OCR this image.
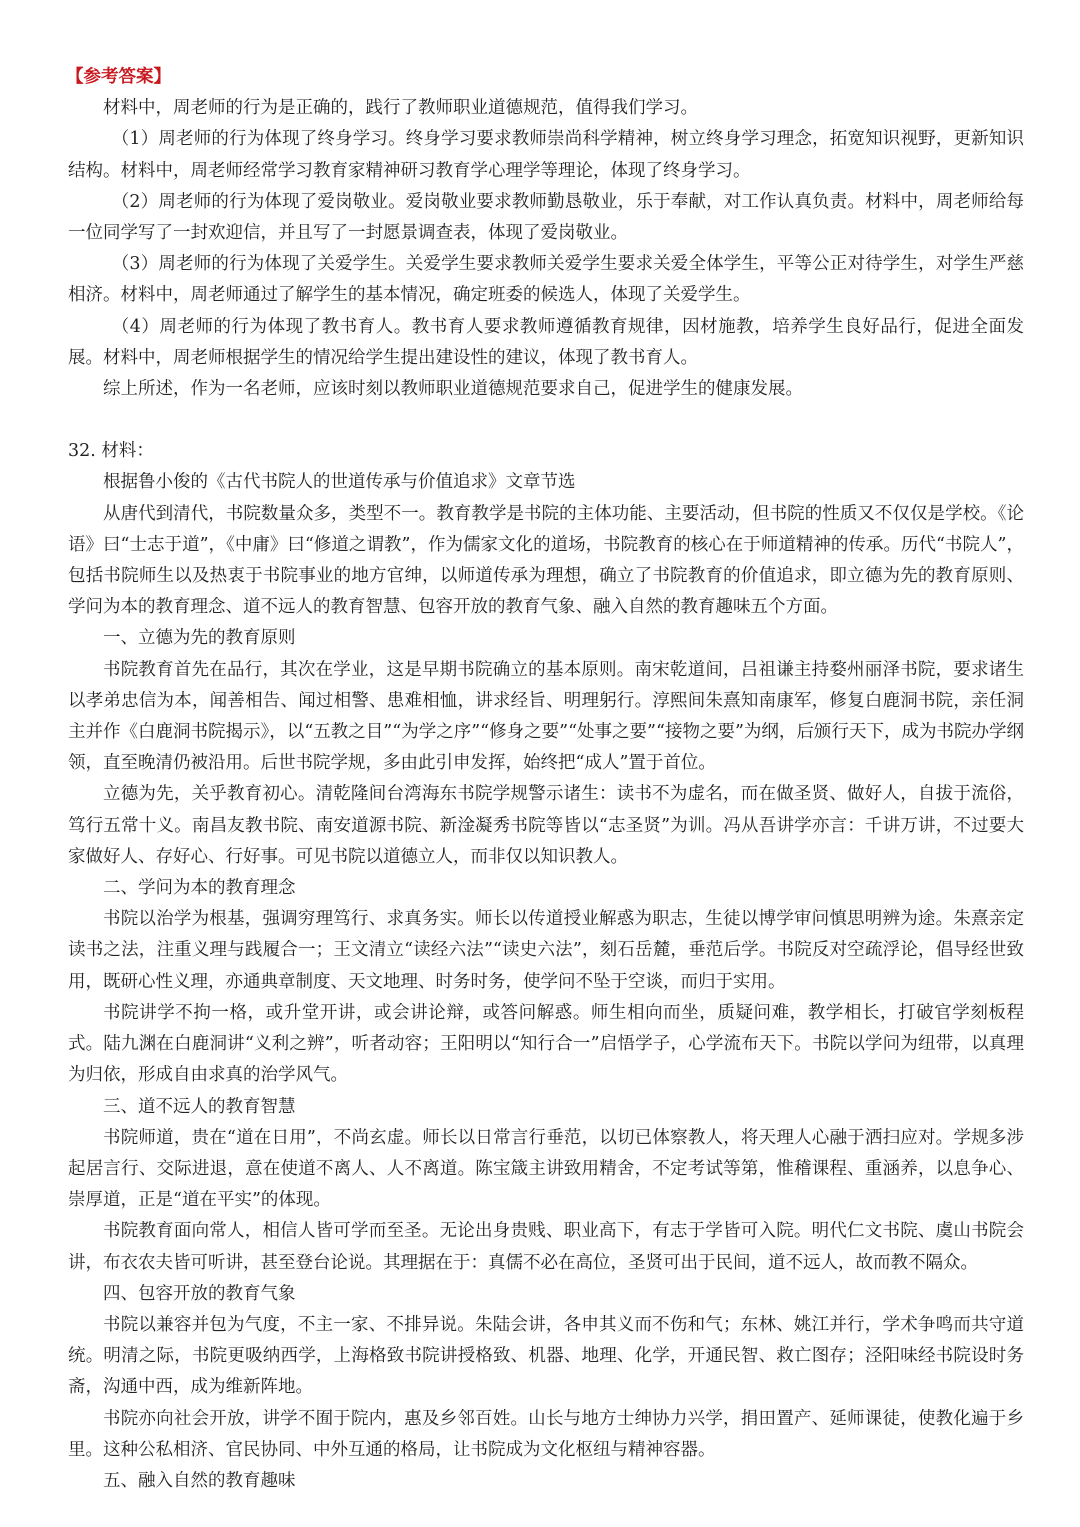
【参考答案】

材料中，周老师的行为是正确的，践行了教师职业道德规范，值得我们学习。

（1）周老师的行为体现了终身学习。终身学习要求教师崇尚科学精神，树立终身学习理念，拓宽知识视野，更新知识结构。材料中，周老师经常学习教育家精神研习教育学心理学等理论，体现了终身学习。

（2）周老师的行为体现了爱岗敬业。爱岗敬业要求教师勤恳敬业，乐于奉献，对工作认真负责。材料中，周老师给每一位同学写了一封欢迎信，并且写了一封愿景调查表，体现了爱岗敬业。

（3）周老师的行为体现了关爱学生。关爱学生要求教师关爱学生要求关爱全体学生，平等公正对待学生，对学生严慈相济。材料中，周老师通过了解学生的基本情况，确定班委的候选人，体现了关爱学生。

（4）周老师的行为体现了教书育人。教书育人要求教师遵循教育规律，因材施教，培养学生良好品行，促进全面发展。材料中，周老师根据学生的情况给学生提出建设性的建议，体现了教书育人。

综上所述，作为一名老师，应该时刻以教师职业道德规范要求自己，促进学生的健康发展。

32. 材料：

根据鲁小俊的《古代书院人的世道传承与价值追求》文章节选

从唐代到清代，书院数量众多，类型不一。教育教学是书院的主体功能、主要活动，但书院的性质又不仅仅是学校。《论语》曰“士志于道”，《中庸》曰“修道之谓教”，作为儒家文化的道场，书院教育的核心在于师道精神的传承。历代“书院人”，包括书院师生以及热衷于书院事业的地方官绅，以师道传承为理想，确立了书院教育的价值追求，即立德为先的教育原则、学问为本的教育理念、道不远人的教育智慧、包容开放的教育气象、融入自然的教育趣味五个方面。

一、立德为先的教育原则

书院教育首先在品行，其次在学业，这是早期书院确立的基本原则。南宋乾道间，吕祖谦主持婺州丽泽书院，要求诸生以孝弟忠信为本，闻善相告、闻过相警、患难相恤，讲求经旨、明理躬行。淳熙间朱熹知南康军，修复白鹿洞书院，亲任洞主并作《白鹿洞书院揭示》，以“五教之目”“为学之序”“修身之要”“处事之要”“接物之要”为纲，后颁行天下，成为书院办学纲领，直至晚清仍被沿用。后世书院学规，多由此引申发挥，始终把“成人”置于首位。

立德为先，关乎教育初心。清乾隆间台湾海东书院学规警示诸生：读书不为虚名，而在做圣贤、做好人，自拔于流俗，笃行五常十义。南昌友教书院、南安道源书院、新淦凝秀书院等皆以“志圣贤”为训。冯从吾讲学亦言：千讲万讲，不过要大家做好人、存好心、行好事。可见书院以道德立人，而非仅以知识教人。

二、学问为本的教育理念

书院以治学为根基，强调穷理笃行、求真务实。师长以传道授业解惑为职志，生徒以博学审问慎思明辨为途。朱熹亲定读书之法，注重义理与践履合一；王文清立“读经六法”“读史六法”，刻石岳麓，垂范后学。书院反对空疏浮论，倡导经世致用，既研心性义理，亦通典章制度、天文地理、时务时务，使学问不坠于空谈，而归于实用。

书院讲学不拘一格，或升堂开讲，或会讲论辩，或答问解惑。师生相向而坐，质疑问难，教学相长，打破官学刻板程式。陆九渊在白鹿洞讲“义利之辨”，听者动容；王阳明以“知行合一”启悟学子，心学流布天下。书院以学问为纽带，以真理为归依，形成自由求真的治学风气。

三、道不远人的教育智慧

书院师道，贵在“道在日用”，不尚玄虚。师长以日常言行垂范，以切已体察教人，将天理人心融于洒扫应对。学规多涉起居言行、交际进退，意在使道不离人、人不离道。陈宝箴主讲致用精舍，不定考试等第，惟稽课程、重涵养，以息争心、崇厚道，正是“道在平实”的体现。

书院教育面向常人，相信人皆可学而至圣。无论出身贵贱、职业高下，有志于学皆可入院。明代仁文书院、虞山书院会讲，布衣农夫皆可听讲，甚至登台论说。其理据在于：真儒不必在高位，圣贤可出于民间，道不远人，故而教不隔众。

四、包容开放的教育气象

书院以兼容并包为气度，不主一家、不排异说。朱陆会讲，各申其义而不伤和气；东林、姚江并行，学术争鸣而共守道统。明清之际，书院更吸纳西学，上海格致书院讲授格致、机器、地理、化学，开通民智、救亡图存；泾阳味经书院设时务斋，沟通中西，成为维新阵地。

书院亦向社会开放，讲学不囿于院内，惠及乡邻百姓。山长与地方士绅协力兴学，捐田置产、延师课徒，使教化遍于乡里。这种公私相济、官民协同、中外互通的格局，让书院成为文化枢纽与精神容器。

五、融入自然的教育趣味
